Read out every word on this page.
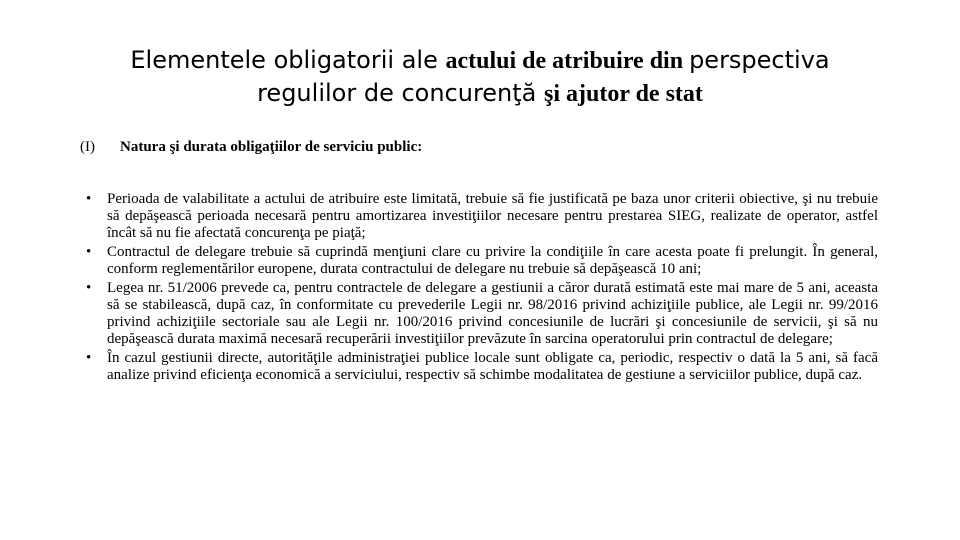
Elementele obligatorii ale actului de atribuire din perspectiva
regulilor de concurenţă şi ajutor de stat
(I) Natura şi durata obligaţiilor de serviciu public:
• Perioada de valabilitate a actului de atribuire este limitată, trebuie să fie justificată pe baza unor criterii obiective, şi nu trebuie să depăşească perioada necesară pentru amortizarea investiţiilor necesare pentru prestarea SIEG, realizate de operator, astfel încât să nu fie afectată concurenţa pe piaţă;
• Contractul de delegare trebuie să cuprindă menţiuni clare cu privire la condiţiile în care acesta poate fi prelungit. În general, conform reglementărilor europene, durata contractului de delegare nu trebuie să depăşească 10 ani;
• Legea nr. 51/2006 prevede ca, pentru contractele de delegare a gestiunii a căror durată estimată este mai mare de 5 ani, aceasta să se stabilească, după caz, în conformitate cu prevederile Legii nr. 98/2016 privind achiziţiile publice, ale Legii nr. 99/2016 privind achiziţiile sectoriale sau ale Legii nr. 100/2016 privind concesiunile de lucrări şi concesiunile de servicii, şi să nu depăşească durata maximă necesară recuperării investiţiilor prevăzute în sarcina operatorului prin contractul de delegare;
• În cazul gestiunii directe, autorităţile administraţiei publice locale sunt obligate ca, periodic, respectiv o dată la 5 ani, să facă analize privind eficienţa economică a serviciului, respectiv să schimbe modalitatea de gestiune a serviciilor publice, după caz.
